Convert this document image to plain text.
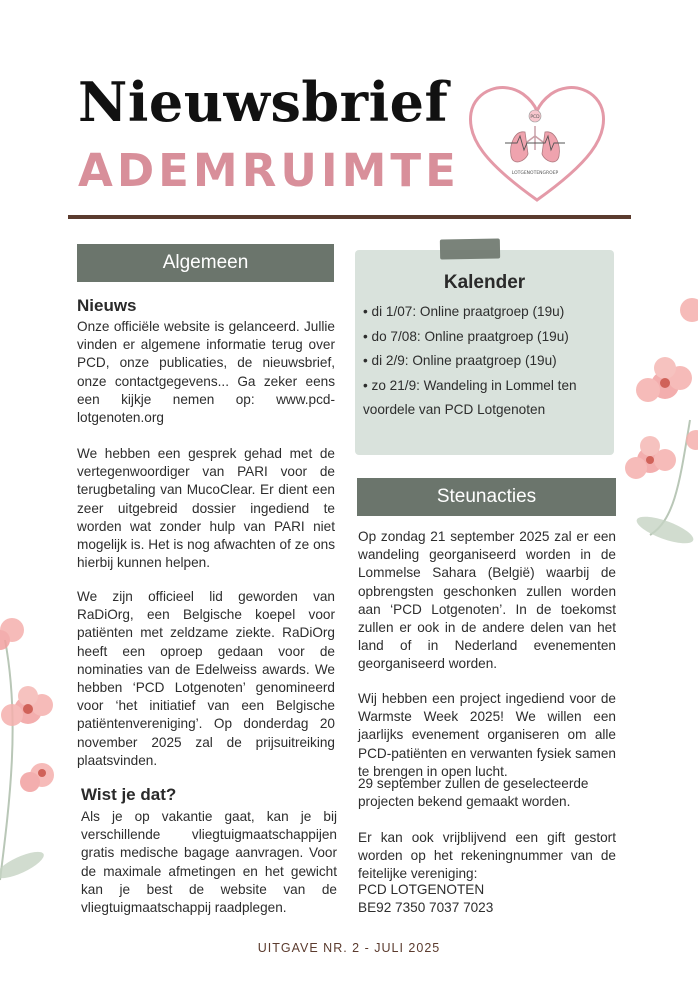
Nieuwsbrief
ADEMRUIMTE
PCD
LOTGENOTENGROEP
Algemeen
Nieuws

Onze officiële website is gelanceerd. Jullie vinden er algemene informatie terug over PCD, onze publicaties, de nieuwsbrief, onze contactgegevens... Ga zeker eens een kijkje nemen op: www.pcd-lotgenoten.org

We hebben een gesprek gehad met de vertegenwoordiger van PARI voor de terugbetaling van MucoClear. Er dient een zeer uitgebreid dossier ingediend te worden wat zonder hulp van PARI niet mogelijk is. Het is nog afwachten of ze ons hierbij kunnen helpen.

We zijn officieel lid geworden van RaDiOrg, een Belgische koepel voor patiënten met zeldzame ziekte. RaDiOrg heeft een oproep gedaan voor de nominaties van de Edelweiss awards. We hebben ‘PCD Lotgenoten’ genomineerd voor ‘het initiatief van een Belgische patiëntenvereniging’. Op donderdag 20 november 2025 zal de prijsuitreiking plaatsvinden.

Wist je dat?

Als je op vakantie gaat, kan je bij verschillende vliegtuigmaatschappijen gratis medische bagage aanvragen. Voor de maximale afmetingen en het gewicht kan je best de website van de vliegtuigmaatschappij raadplegen.

Kalender
• di 1/07: Online praatgroep (19u)
• do 7/08: Online praatgroep (19u)
• di 2/9: Online praatgroep (19u)
• zo 21/9: Wandeling in Lommel ten voordele van PCD Lotgenoten
Steunacties

Op zondag 21 september 2025 zal er een wandeling georganiseerd worden in de Lommelse Sahara (België) waarbij de opbrengsten geschonken zullen worden aan ‘PCD Lotgenoten’. In de toekomst zullen er ook in de andere delen van het land of in Nederland evenementen georganiseerd worden.

Wij hebben een project ingediend voor de Warmste Week 2025! We willen een jaarlijks evenement organiseren om alle PCD-patiënten en verwanten fysiek samen te brengen in open lucht.

29 september zullen de geselecteerde projecten bekend gemaakt worden.

Er kan ook vrijblijvend een gift gestort worden op het rekeningnummer van de feitelijke vereniging:

PCD LOTGENOTEN

BE92 7350 7037 7023

UITGAVE NR. 2 - JULI 2025
